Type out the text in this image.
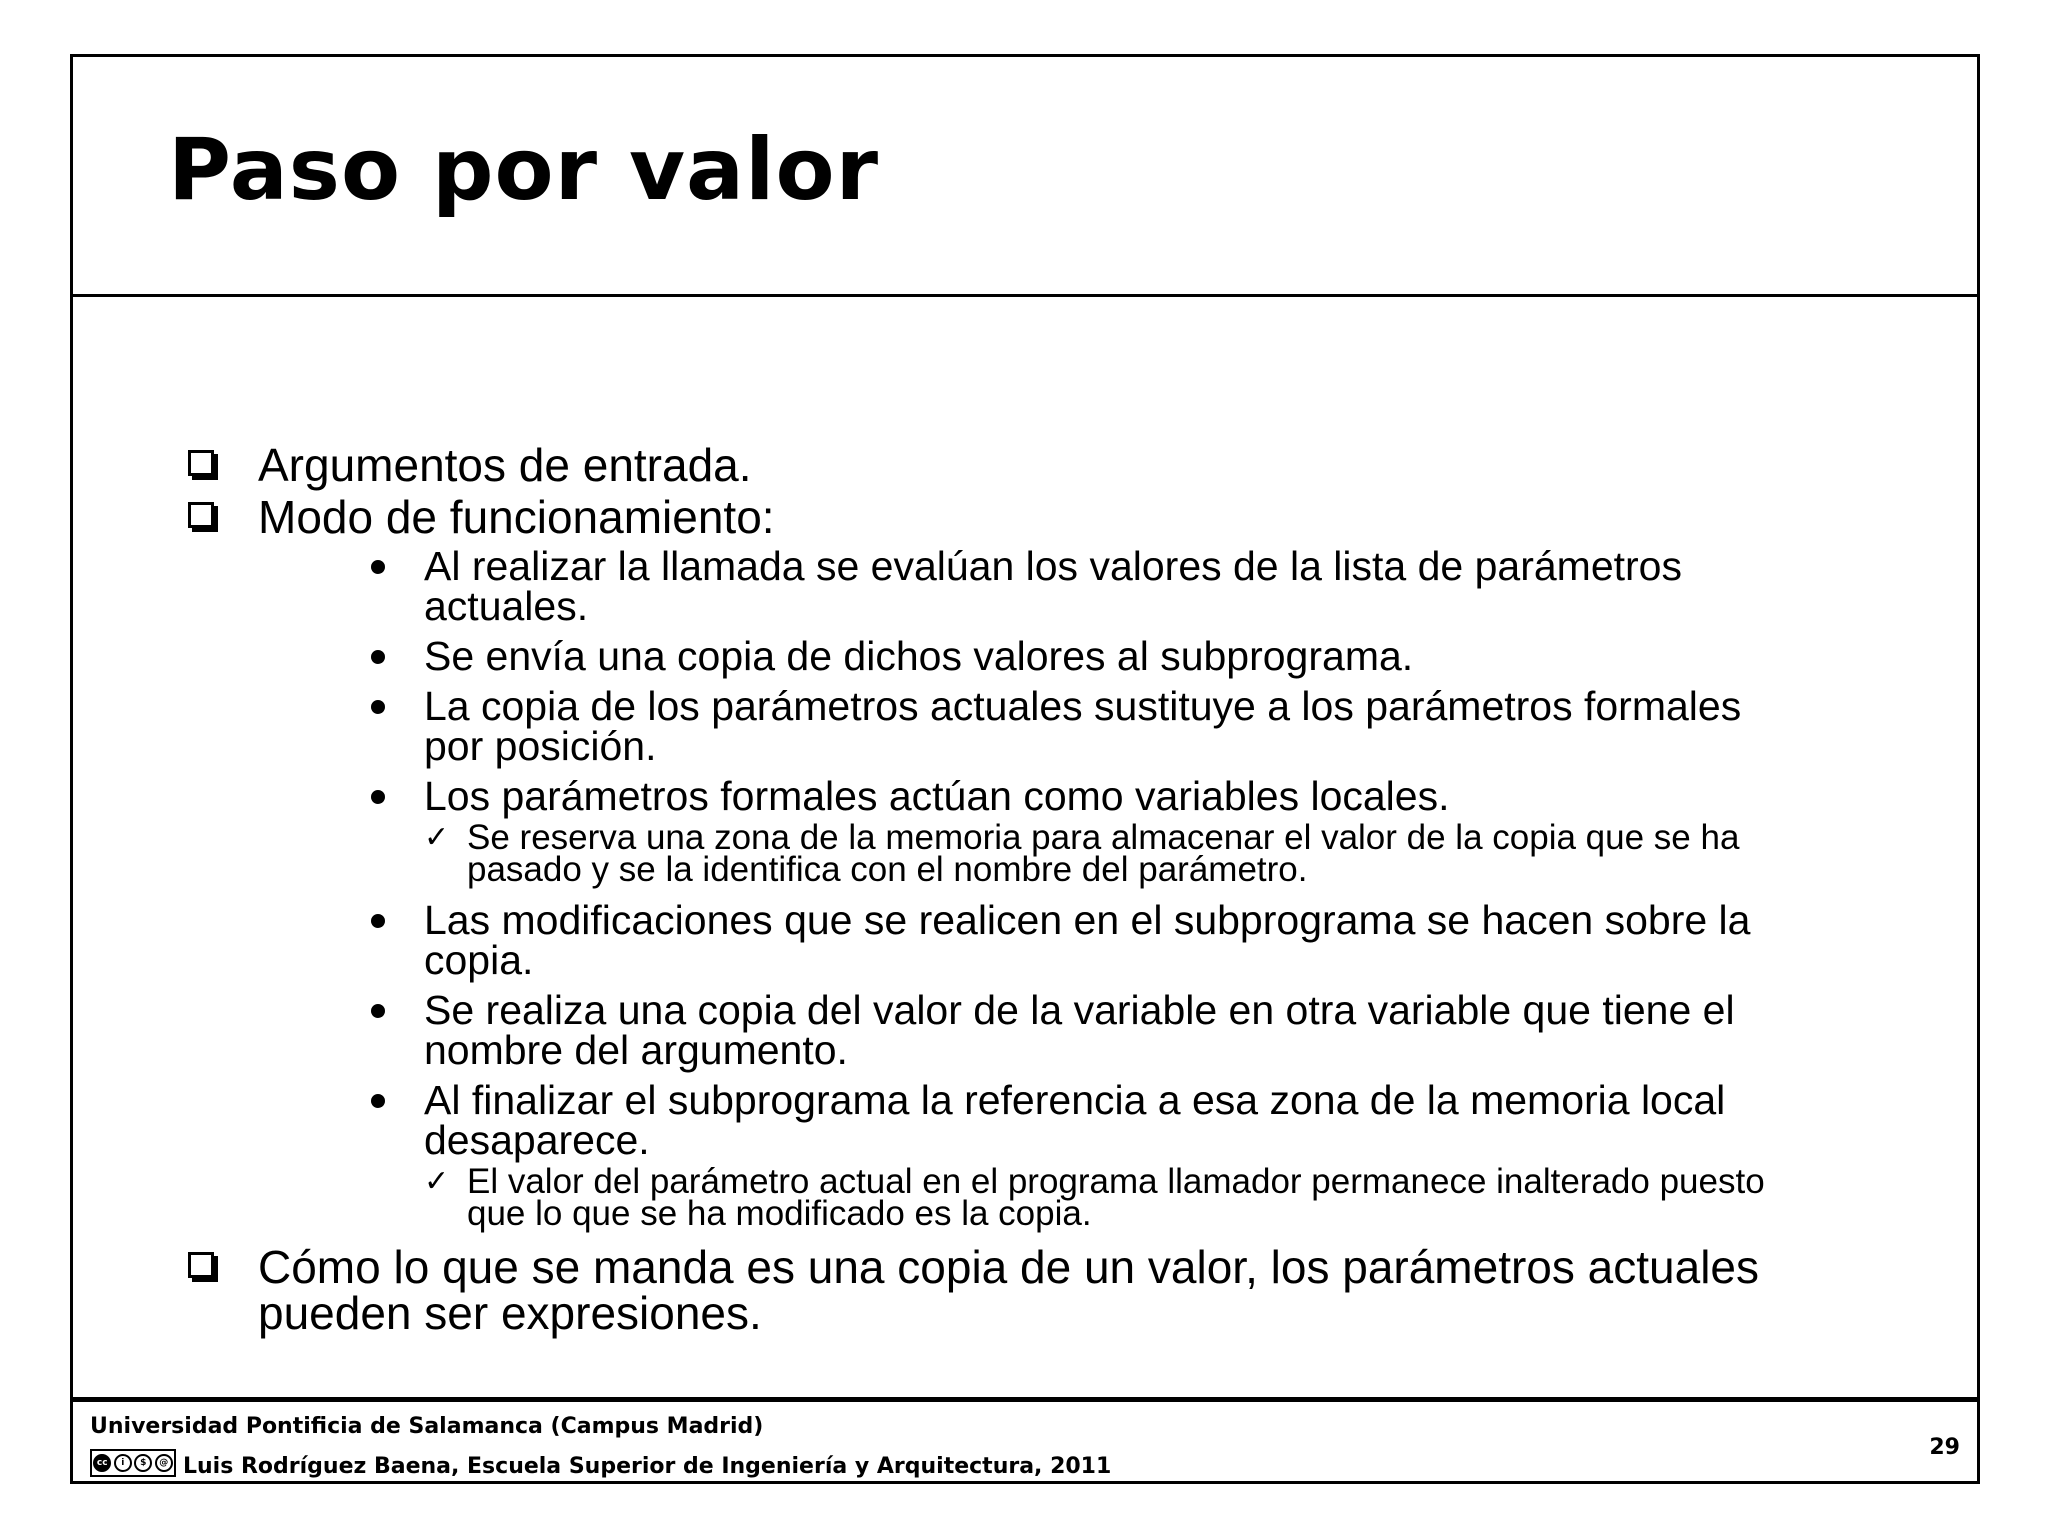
Paso por valor
Argumentos de entrada.
Modo de funcionamiento:
Al realizar la llamada se evalúan los valores de la lista de parámetros actuales.
Se envía una copia de dichos valores al subprograma.
La copia de los parámetros actuales sustituye a los parámetros formales por posición.
Los parámetros formales actúan como variables locales.
✓ Se reserva una zona de la memoria para almacenar el valor de la copia que se ha pasado y se la identifica con el nombre del parámetro.
Las modificaciones que se realicen en el subprograma se hacen sobre la copia.
Se realiza una copia del valor de la variable en otra variable que tiene el nombre del argumento.
Al finalizar el subprograma la referencia a esa zona de la memoria local desaparece.
✓ El valor del parámetro actual en el programa llamador permanece inalterado puesto que lo que se ha modificado es la copia.
Cómo lo que se manda es una copia de un valor, los parámetros actuales pueden ser expresiones.
Universidad Pontificia de Salamanca (Campus Madrid)
cc	i	$	@ Luis Rodríguez Baena, Escuela Superior de Ingeniería y Arquitectura, 2011
29
